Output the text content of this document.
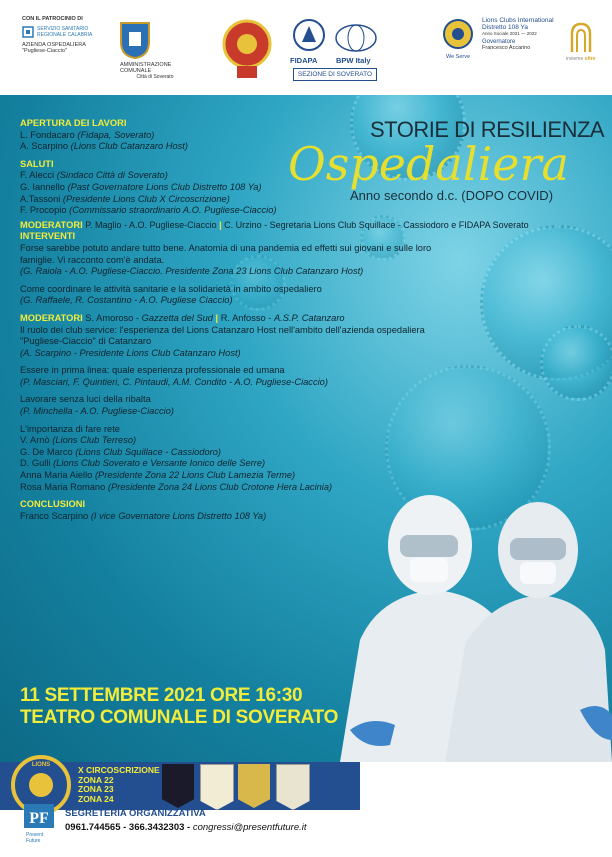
CON IL PATROCINIO DI
SERVIZIO SANITARIO REGIONALE CALABRIA
AZIENDA OSPEDALIERA
"Pugliese-Ciaccio"
AMMINISTRAZIONE COMUNALE
Città di Soverato
FIDAPA BPW Italy
SEZIONE DI SOVERATO
We Serve
Lions Clubs International
Distretto 108 Ya
Anno Sociale 2021 — 2022
Governatore
Francesco Accarino
insieme oltre
STORIE DI RESILIENZA
Ospedaliera
Anno secondo d.c. (DOPO COVID)
APERTURA DEI LAVORI
L. Fondacaro (Fidapa, Soverato)
A. Scarpino (Lions Club Catanzaro Host)
SALUTI
F. Alecci (Sindaco Città di Soverato)
G. Iannello (Past Governatore Lions Club Distretto 108 Ya)
A.Tassoni (Presidente Lions Club X Circoscrizione)
F. Procopio (Commissario straordinario A.O. Pugliese-Ciaccio)
MODERATORI P. Maglio - A.O. Pugliese-Ciaccio | C. Urzino - Segretaria Lions Club Squillace - Cassiodoro e FIDAPA Soverato
INTERVENTI
Forse sarebbe potuto andare tutto bene. Anatomia di una pandemia ed effetti sui giovani e sulle loro famiglie. Vi racconto com'è andata.
(G. Raiola - A.O. Pugliese-Ciaccio. Presidente Zona 23 Lions Club Catanzaro Host)
Come coordinare le attività sanitarie e la solidarietà in ambito ospedaliero
(G. Raffaele, R. Costantino - A.O. Pugliese Ciaccio)
MODERATORI S. Amoroso - Gazzetta del Sud | R. Anfosso - A.S.P. Catanzaro
Il ruolo dei club service: l'esperienza del Lions Catanzaro Host nell'ambito dell'azienda ospedaliera "Pugliese-Ciaccio" di Catanzaro
(A. Scarpino - Presidente Lions Club Catanzaro Host)
Essere in prima linea: quale esperienza professionale ed umana
(P. Masciari, F. Quintieri, C. Pintaudi, A.M. Condito - A.O. Pugliese-Ciaccio)
Lavorare senza luci della ribalta
(P. Minchella - A.O. Pugliese-Ciaccio)
L'importanza di fare rete
V. Arnò (Lions Club Terreso)
G. De Marco (Lions Club Squillace - Cassiodoro)
D. Gulli (Lions Club Soverato e Versante Ionico delle Serre)
Anna Maria Aiello (Presidente Zona 22 Lions Club Lamezia Terme)
Rosa Maria Romano (Presidente Zona 24 Lions Club Crotone Hera Lacinia)
CONCLUSIONI
Franco Scarpino (I vice Governatore Lions Distretto 108 Ya)
11 SETTEMBRE 2021 ORE 16:30
TEATRO COMUNALE DI SOVERATO
LIONS	X CIRCOSCRIZIONE
ZONA 22
ZONA 23
ZONA 24
PF
Present
Future
SEGRETERIA ORGANIZZATIVA
0961.744565 - 366.3432303 - congressi@presentfuture.it
